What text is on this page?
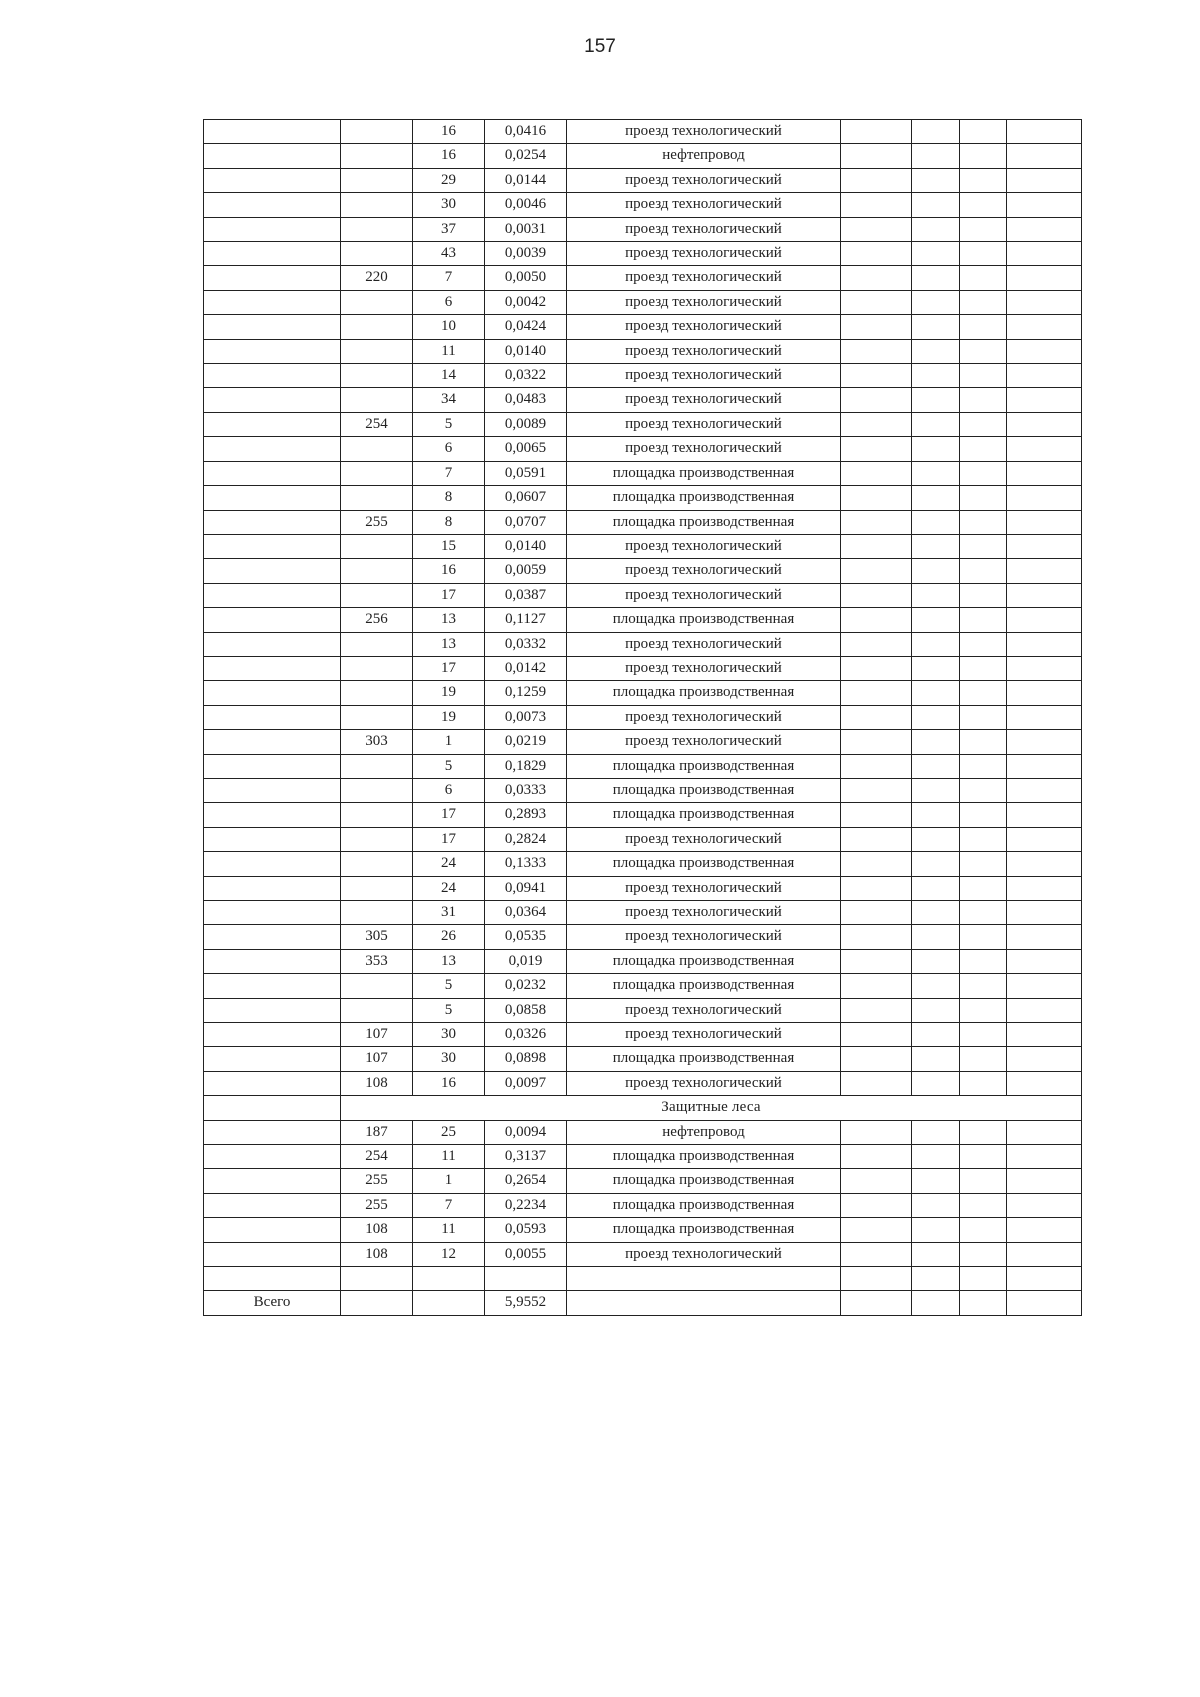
157
		16	0,0416	проезд технологический				
		16	0,0254	нефтепровод				
		29	0,0144	проезд технологический				
		30	0,0046	проезд технологический				
		37	0,0031	проезд технологический				
		43	0,0039	проезд технологический				
	220	7	0,0050	проезд технологический				
		6	0,0042	проезд технологический				
		10	0,0424	проезд технологический				
		11	0,0140	проезд технологический				
		14	0,0322	проезд технологический				
		34	0,0483	проезд технологический				
	254	5	0,0089	проезд технологический				
		6	0,0065	проезд технологический				
		7	0,0591	площадка производственная				
		8	0,0607	площадка производственная				
	255	8	0,0707	площадка производственная				
		15	0,0140	проезд технологический				
		16	0,0059	проезд технологический				
		17	0,0387	проезд технологический				
	256	13	0,1127	площадка производственная				
		13	0,0332	проезд технологический				
		17	0,0142	проезд технологический				
		19	0,1259	площадка производственная				
		19	0,0073	проезд технологический				
	303	1	0,0219	проезд технологический				
		5	0,1829	площадка производственная				
		6	0,0333	площадка производственная				
		17	0,2893	площадка производственная				
		17	0,2824	проезд технологический				
		24	0,1333	площадка производственная				
		24	0,0941	проезд технологический				
		31	0,0364	проезд технологический				
	305	26	0,0535	проезд технологический				
	353	13	0,019	площадка производственная				
		5	0,0232	площадка производственная				
		5	0,0858	проезд технологический				
	107	30	0,0326	проезд технологический				
	107	30	0,0898	площадка производственная				
	108	16	0,0097	проезд технологический				
	Защитные леса							
	187	25	0,0094	нефтепровод				
	254	11	0,3137	площадка производственная				
	255	1	0,2654	площадка производственная				
	255	7	0,2234	площадка производственная				
	108	11	0,0593	площадка производственная				
	108	12	0,0055	проезд технологический				

Всего			5,9552					
